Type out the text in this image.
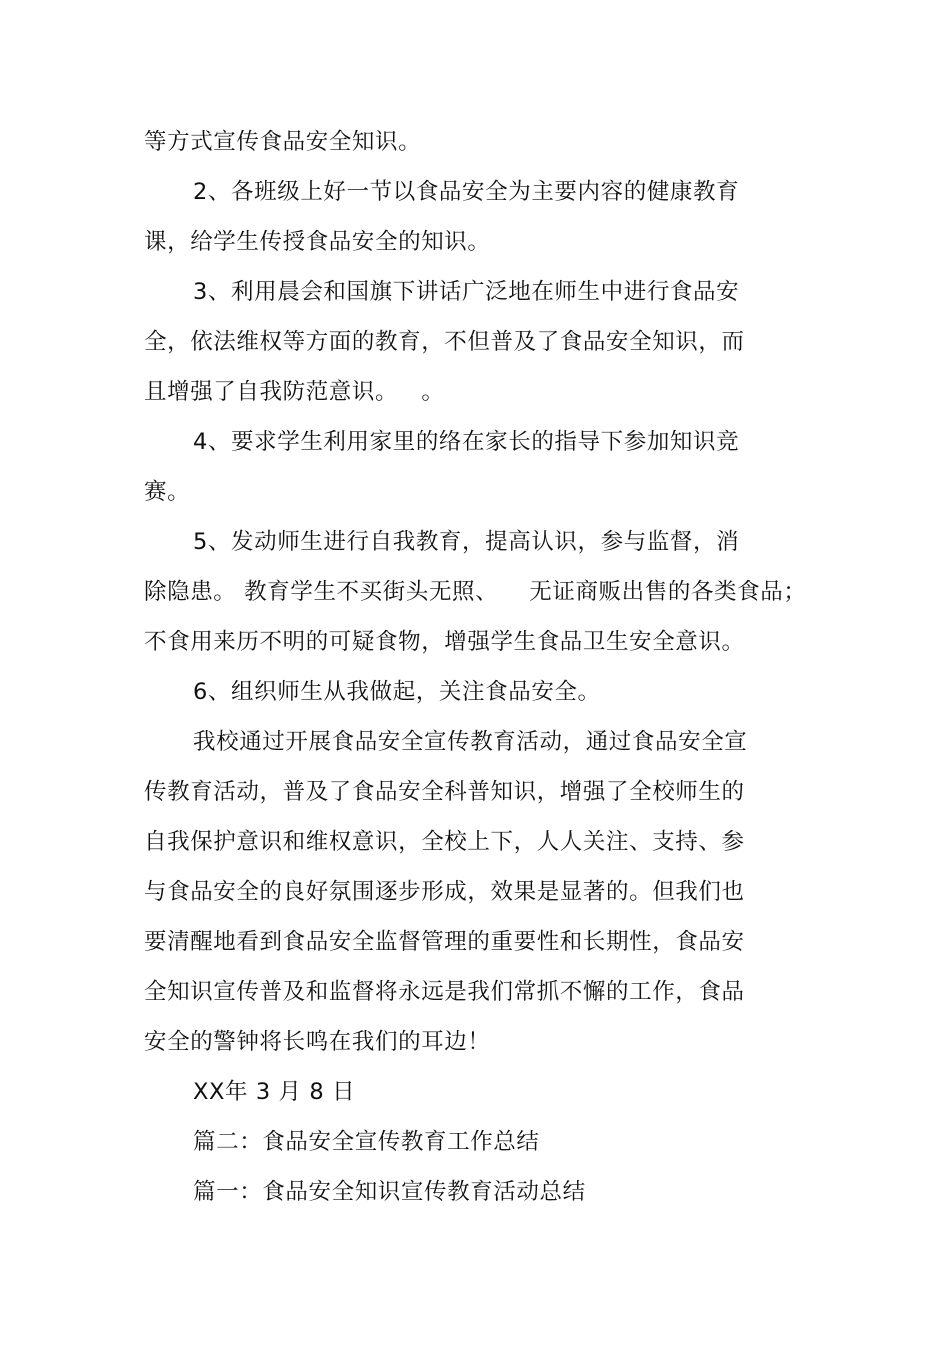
等方式宣传食品安全知识。
2、各班级上好一节以食品安全为主要内容的健康教育
课，给学生传授食品安全的知识。
3、利用晨会和国旗下讲话广泛地在师生中进行食品安
全，依法维权等方面的教育，不但普及了食品安全知识，而
且增强了自我防范意识。   。
4、要求学生利用家里的络在家长的指导下参加知识竞
赛。
5、发动师生进行自我教育，提高认识，参与监督，消
除隐患。 教育学生不买街头无照、    无证商贩出售的各类食品；
不食用来历不明的可疑食物，增强学生食品卫生安全意识。
6、组织师生从我做起，关注食品安全。
我校通过开展食品安全宣传教育活动，通过食品安全宣
传教育活动，普及了食品安全科普知识，增强了全校师生的
自我保护意识和维权意识，全校上下，人人关注、支持、参
与食品安全的良好氛围逐步形成，效果是显著的。但我们也
要清醒地看到食品安全监督管理的重要性和长期性，食品安
全知识宣传普及和监督将永远是我们常抓不懈的工作，食品
安全的警钟将长鸣在我们的耳边！
XX年 3 月 8 日
篇二：食品安全宣传教育工作总结
篇一：食品安全知识宣传教育活动总结
